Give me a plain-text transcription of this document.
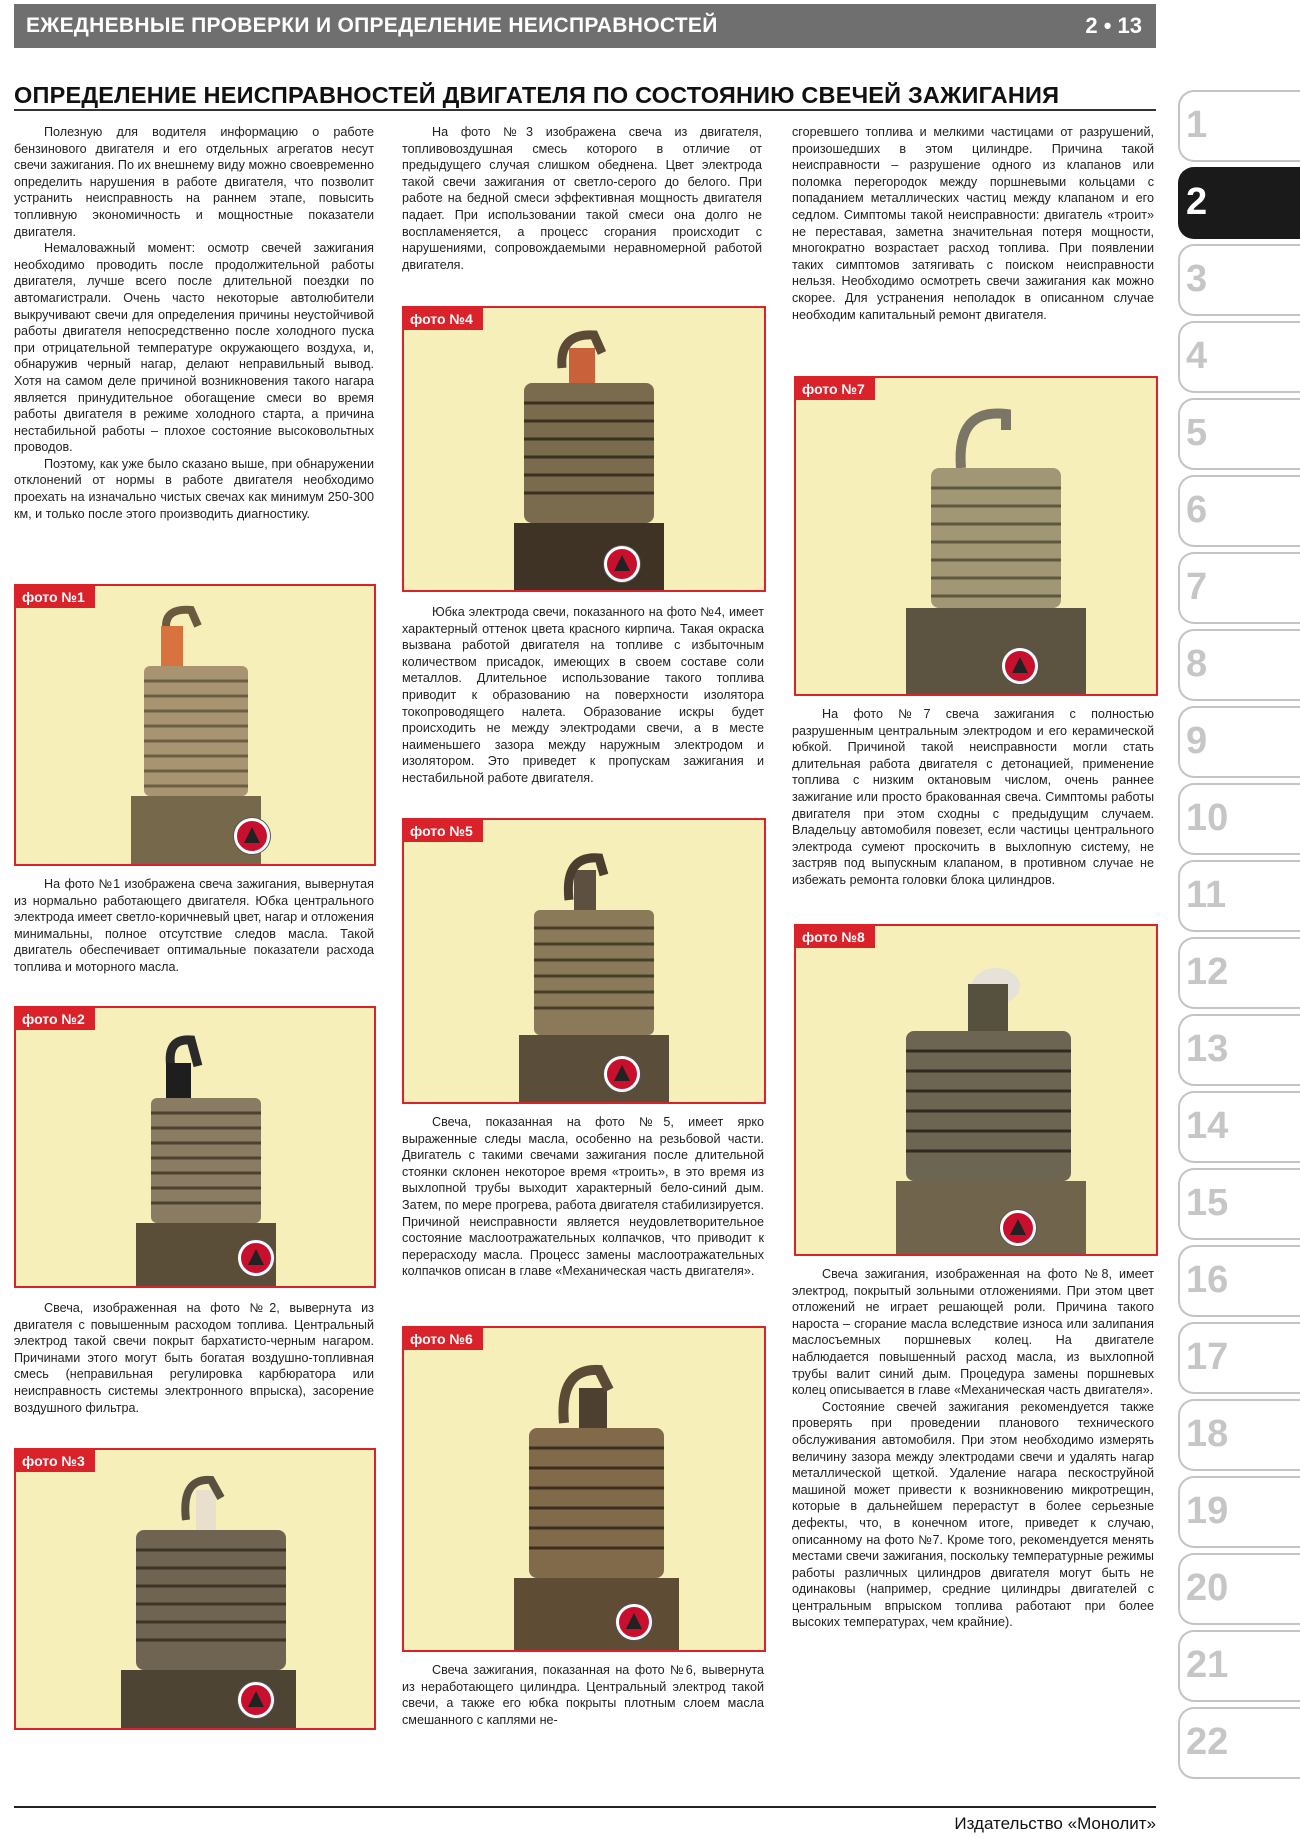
ЕЖЕДНЕВНЫЕ ПРОВЕРКИ И ОПРЕДЕЛЕНИЕ НЕИСПРАВНОСТЕЙ	2 • 13
ОПРЕДЕЛЕНИЕ НЕИСПРАВНОСТЕЙ ДВИГАТЕЛЯ ПО СОСТОЯНИЮ СВЕЧЕЙ ЗАЖИГАНИЯ

Полезную для водителя информацию о работе бензинового двигателя и его отдельных агрегатов несут свечи зажигания. По их внешнему виду можно своевременно определить нарушения в работе двигателя, что позволит устранить неисправность на раннем этапе, повысить топливную экономичность и мощностные показатели двигателя.

Немаловажный момент: осмотр свечей зажигания необходимо проводить после продолжительной работы двигателя, лучше всего после длительной поездки по автомагистрали. Очень часто некоторые автолюбители выкручивают свечи для определения причины неустойчивой работы двигателя непосредственно после холодного пуска при отрицательной температуре окружающего воздуха, и, обнаружив черный нагар, делают неправильный вывод. Хотя на самом деле причиной возникновения такого нагара является принудительное обогащение смеси во время работы двигателя в режиме холодного старта, а причина нестабильной работы – плохое состояние высоковольтных проводов.

Поэтому, как уже было сказано выше, при обнаружении отклонений от нормы в работе двигателя необходимо проехать на изначально чистых свечах как минимум 250-300 км, и только после этого производить диагностику.

фото №1

На фото №1 изображена свеча зажигания, вывернутая из нормально работающего двигателя. Юбка центрального электрода имеет светло-коричневый цвет, нагар и отложения минимальны, полное отсутствие следов масла. Такой двигатель обеспечивает оптимальные показатели расхода топлива и моторного масла.

фото №2

Свеча, изображенная на фото №2, вывернута из двигателя с повышенным расходом топлива. Центральный электрод такой свечи покрыт бархатисто-черным нагаром. Причинами этого могут быть богатая воздушно-топливная смесь (неправильная регулировка карбюратора или неисправность системы электронного впрыска), засорение воздушного фильтра.

фото №3

На фото №3 изображена свеча из двигателя, топливовоздушная смесь которого в отличие от предыдущего случая слишком обеднена. Цвет электрода такой свечи зажигания от светло-серого до белого. При работе на бедной смеси эффективная мощность двигателя падает. При использовании такой смеси она долго не воспламеняется, а процесс сгорания происходит с нарушениями, сопровождаемыми неравномерной работой двигателя.

фото №4

Юбка электрода свечи, показанного на фото №4, имеет характерный оттенок цвета красного кирпича. Такая окраска вызвана работой двигателя на топливе с избыточным количеством присадок, имеющих в своем составе соли металлов. Длительное использование такого топлива приводит к образованию на поверхности изолятора токопроводящего налета. Образование искры будет происходить не между электродами свечи, а в месте наименьшего зазора между наружным электродом и изолятором. Это приведет к пропускам зажигания и нестабильной работе двигателя.

фото №5

Свеча, показанная на фото №5, имеет ярко выраженные следы масла, особенно на резьбовой части. Двигатель с такими свечами зажигания после длительной стоянки склонен некоторое время «троить», в это время из выхлопной трубы выходит характерный бело-синий дым. Затем, по мере прогрева, работа двигателя стабилизируется. Причиной неисправности является неудовлетворительное состояние маслоотражательных колпачков, что приводит к перерасходу масла. Процесс замены маслоотражательных колпачков описан в главе «Механическая часть двигателя».

фото №6

Свеча зажигания, показанная на фото №6, вывернута из неработающего цилиндра. Центральный электрод такой свечи, а также его юбка покрыты плотным слоем масла смешанного с каплями не-

сгоревшего топлива и мелкими частицами от разрушений, произошедших в этом цилиндре. Причина такой неисправности – разрушение одного из клапанов или поломка перегородок между поршневыми кольцами с попаданием металлических частиц между клапаном и его седлом. Симптомы такой неисправности: двигатель «троит» не переставая, заметна значительная потеря мощности, многократно возрастает расход топлива. При появлении таких симптомов затягивать с поиском неисправности нельзя. Необходимо осмотреть свечи зажигания как можно скорее. Для устранения неполадок в описанном случае необходим капитальный ремонт двигателя.

фото №7

На фото №7 свеча зажигания с полностью разрушенным центральным электродом и его керамической юбкой. Причиной такой неисправности могли стать длительная работа двигателя с детонацией, применение топлива с низким октановым числом, очень раннее зажигание или просто бракованная свеча. Симптомы работы двигателя при этом сходны с предыдущим случаем. Владельцу автомобиля повезет, если частицы центрального электрода сумеют проскочить в выхлопную систему, не застряв под выпускным клапаном, в противном случае не избежать ремонта головки блока цилиндров.

фото №8

Свеча зажигания, изображенная на фото №8, имеет электрод, покрытый зольными отложениями. При этом цвет отложений не играет решающей роли. Причина такого нароста – сгорание масла вследствие износа или залипания маслосъемных поршневых колец. На двигателе наблюдается повышенный расход масла, из выхлопной трубы валит синий дым. Процедура замены поршневых колец описывается в главе «Механическая часть двигателя».

Состояние свечей зажигания рекомендуется также проверять при проведении планового технического обслуживания автомобиля. При этом необходимо измерять величину зазора между электродами свечи и удалять нагар металлической щеткой. Удаление нагара пескоструйной машиной может привести к возникновению микротрещин, которые в дальнейшем перерастут в более серьезные дефекты, что, в конечном итоге, приведет к случаю, описанному на фото №7. Кроме того, рекомендуется менять местами свечи зажигания, поскольку температурные режимы работы различных цилиндров двигателя могут быть не одинаковы (например, средние цилиндры двигателей с центральным впрыском топлива работают при более высоких температурах, чем крайние).

1
2
3
4
5
6
7
8
9
10
11
12
13
14
15
16
17
18
19
20
21
22
Издательство «Монолит»
